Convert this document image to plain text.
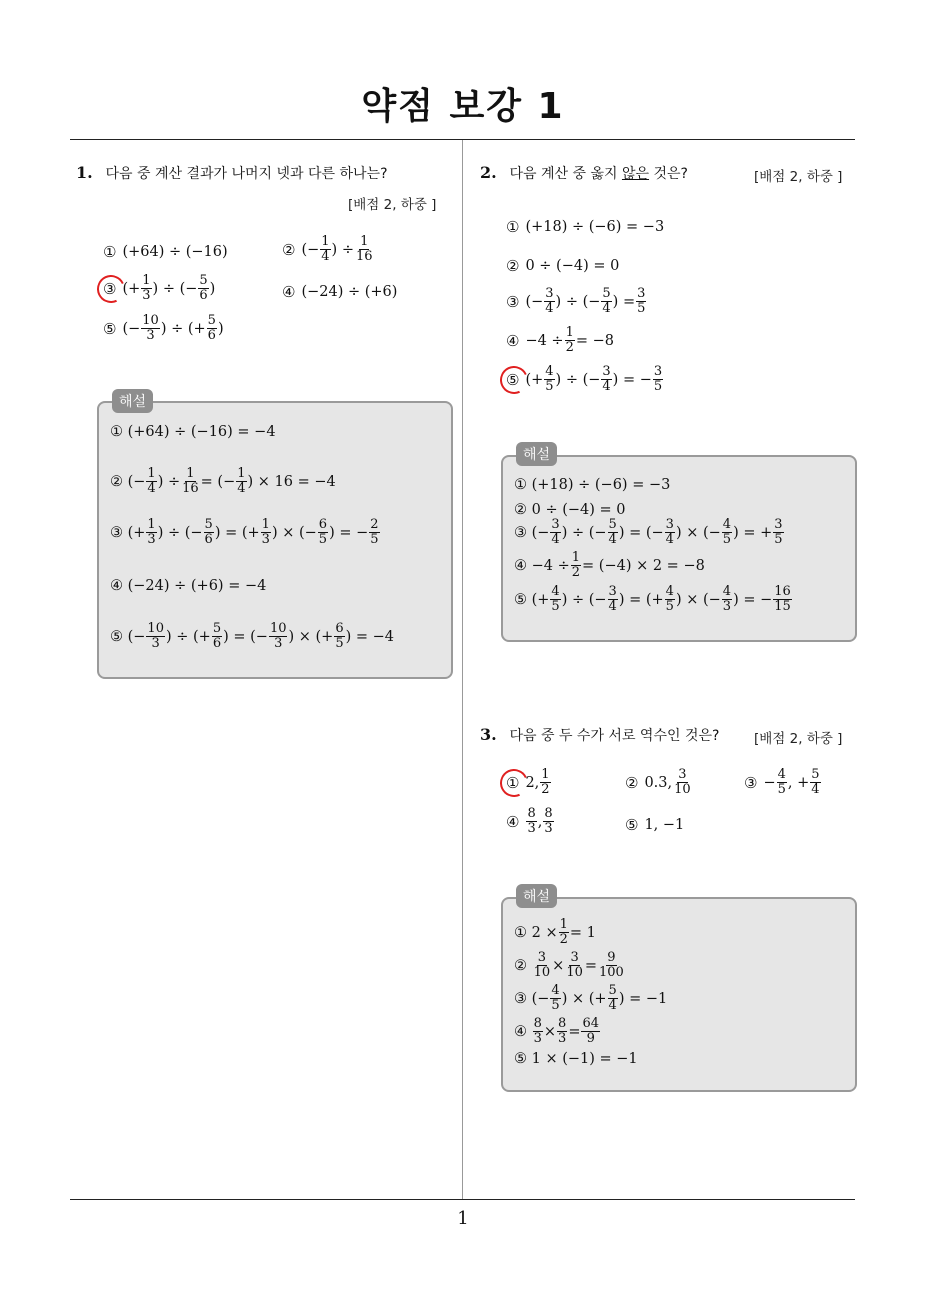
약점 보강 1
1
1. 다음 중 계산 결과가 나머지 넷과 다른 하나는?
[배점 2, 하중 ]
① (+64) ÷ (−16)	② (− $\frac{1}{4}$ ) ÷ $\frac{1}{16}$
③ (+ $\frac{1}{3}$ ) ÷ (− $\frac{5}{6}$ )	④ (−24) ÷ (+6)
⑤ (− $\frac{10}{3}$ ) ÷ (+ $\frac{5}{6}$ )
해설
① (+64) ÷ (−16) = −4
② (− $\frac{1}{4}$ ) ÷ $\frac{1}{16}$ = (− $\frac{1}{4}$ ) × 16 = −4
③ (+ $\frac{1}{3}$ ) ÷ (− $\frac{5}{6}$ ) = (+ $\frac{1}{3}$ ) × (− $\frac{6}{5}$ ) = − $\frac{2}{5}$
④ (−24) ÷ (+6) = −4
⑤ (− $\frac{10}{3}$ ) ÷ (+ $\frac{5}{6}$ ) = (− $\frac{10}{3}$ ) × (+ $\frac{6}{5}$ ) = −4
2. 다음 계산 중 옳지 않은 것은?	[배점 2, 하중 ]
① (+18) ÷ (−6) = −3
② 0 ÷ (−4) = 0
③ (− $\frac{3}{4}$ ) ÷ (− $\frac{5}{4}$ ) = $\frac{3}{5}$
④ $-4 \div \frac{1}{2} = -8$
⑤ (+ $\frac{4}{5}$ ) ÷ (− $\frac{3}{4}$ ) = − $\frac{3}{5}$
해설
① (+18) ÷ (−6) = −3
② 0 ÷ (−4) = 0
③ (− $\frac{3}{4}$ ) ÷ (− $\frac{5}{4}$ ) = (− $\frac{3}{4}$ ) × (− $\frac{4}{5}$ ) = + $\frac{3}{5}$
④ $-4 \div \frac{1}{2} = (-4) \times 2 = -8$
⑤ (+ $\frac{4}{5}$ ) ÷ (− $\frac{3}{4}$ ) = (+ $\frac{4}{5}$ ) × (− $\frac{4}{3}$ ) = − $\frac{16}{15}$
3. 다음 중 두 수가 서로 역수인 것은?	[배점 2, 하중 ]
① 2, $\frac{1}{2}$	② 0.3, $\frac{3}{10}$	③ − $\frac{4}{5}$ , + $\frac{5}{4}$
④ $\frac{8}{3}$ , $\frac{8}{3}$	⑤ 1, −1
해설
① $2 \times \frac{1}{2} = 1$
②
$\frac{3}{10} \times \frac{3}{10} = \frac{9}{100}$
③ (− $\frac{4}{5}$ ) × (+ $\frac{5}{4}$ ) = −1
④
$\frac{8}{3} \times \frac{8}{3} = \frac{64}{9}$
⑤ 1 × (−1) = −1
